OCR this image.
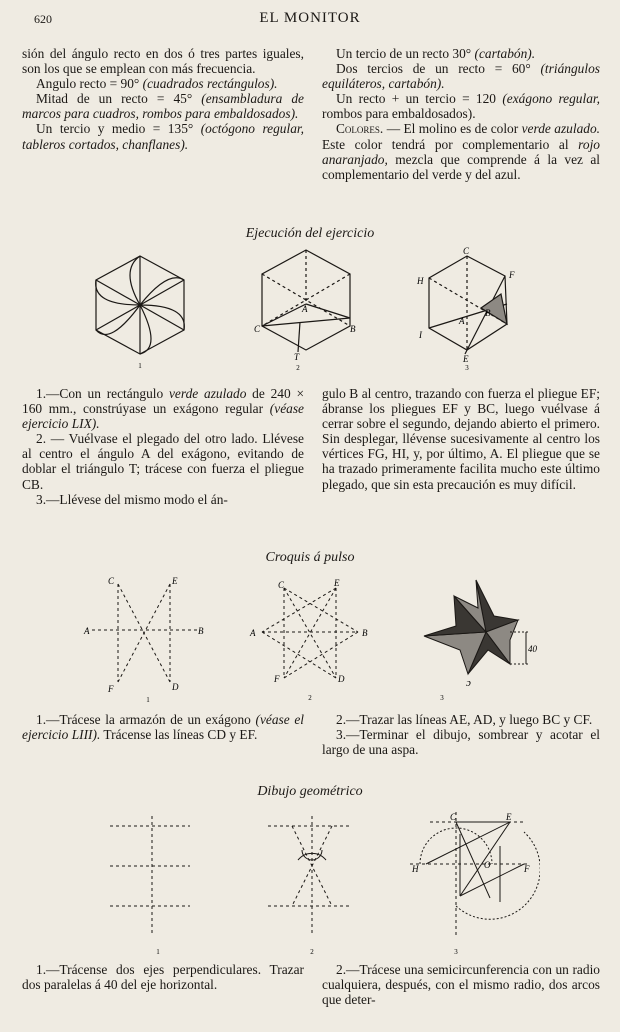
620	EL MONITOR

sión del ángulo recto en dos ó tres partes iguales, son los que se emplean con más frecuencia.

Angulo recto = 90° (cuadrados rectángulos).

Mitad de un recto = 45° (ensambladura de marcos para cuadros, rombos para embaldosados).

Un tercio y medio = 135° (octógono regular, tableros cortados, chanflanes).

Un tercio de un recto 30° (cartabón).

Dos tercios de un recto = 60° (triángulos equiláteros, cartabón).

Un recto + un tercio = 120 (exágono regular, rombos para embaldosados).

Colores. — El molino es de color verde azulado. Este color tendrá por complementario al rojo anaranjado, mezcla que comprende á la vez al complementario del verde y del azul.

Ejecución del ejercicio
1
A
B
C
T
2
C
H
F
B
A
I
E
3

1.—Con un rectángulo verde azulado de 240 × 160 mm., constrúyase un exágono regular (véase ejercicio LIX).

2. — Vuélvase el plegado del otro lado. Llévese al centro el ángulo A del exágono, evitando de doblar el triángulo T; trácese con fuerza el pliegue CB.

3.—Llévese del mismo modo el án-

gulo B al centro, trazando con fuerza el pliegue EF; ábranse los pliegues EF y BC, luego vuélvase á cerrar sobre el segundo, dejando abierto el primero. Sin desplegar, llévense sucesivamente al centro los vértices FG, HI, y, por último, A. El pliegue que se ha trazado primeramente facilita mucho este último plegado, que sin esta precaución es muy difícil.

Croquis á pulso
C	E
A	B
F	D
1
C	E
A	B
F	D
2
40
ɔ
3

1.—Trácese la armazón de un exágono (véase el ejercicio LIII). Trácense las líneas CD y EF.

2.—Trazar las líneas AE, AD, y luego BC y CF.

3.—Terminar el dibujo, sombrear y acotar el largo de una aspa.

Dibujo geométrico
1	2
C	E
H	O	F
3

1.—Trácense dos ejes perpendiculares. Trazar dos paralelas á 40 del eje horizontal.

2.—Trácese una semicircunferencia con un radio cualquiera, después, con el mismo radio, dos arcos que deter-
